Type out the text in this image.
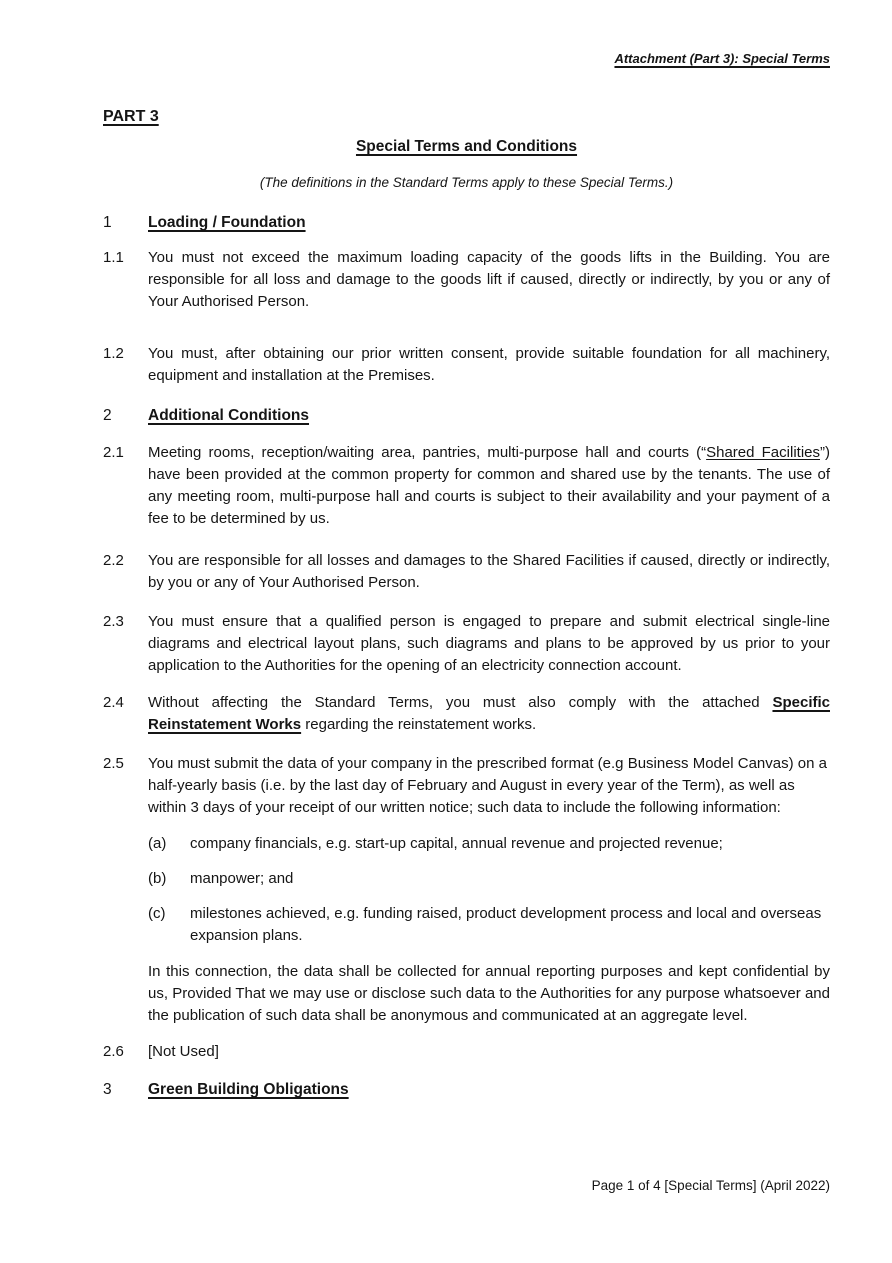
Attachment (Part 3): Special Terms
PART 3
Special Terms and Conditions
(The definitions in the Standard Terms apply to these Special Terms.)
1	Loading / Foundation
1.1	You must not exceed the maximum loading capacity of the goods lifts in the Building. You are responsible for all loss and damage to the goods lift if caused, directly or indirectly, by you or any of Your Authorised Person.
1.2	You must, after obtaining our prior written consent, provide suitable foundation for all machinery, equipment and installation at the Premises.
2	Additional Conditions
2.1	Meeting rooms, reception/waiting area, pantries, multi-purpose hall and courts (“Shared Facilities”) have been provided at the common property for common and shared use by the tenants. The use of any meeting room, multi-purpose hall and courts is subject to their availability and your payment of a fee to be determined by us.
2.2	You are responsible for all losses and damages to the Shared Facilities if caused, directly or indirectly, by you or any of Your Authorised Person.
2.3	You must ensure that a qualified person is engaged to prepare and submit electrical single-line diagrams and electrical layout plans, such diagrams and plans to be approved by us prior to your application to the Authorities for the opening of an electricity connection account.
2.4	Without affecting the Standard Terms, you must also comply with the attached Specific Reinstatement Works regarding the reinstatement works.
2.5	You must submit the data of your company in the prescribed format (e.g Business Model Canvas) on a half-yearly basis (i.e. by the last day of February and August in every year of the Term), as well as within 3 days of your receipt of our written notice; such data to include the following information:
(a)	company financials, e.g. start-up capital, annual revenue and projected revenue;
(b)	manpower; and
(c)	milestones achieved, e.g. funding raised, product development process and local and overseas expansion plans.
In this connection, the data shall be collected for annual reporting purposes and kept confidential by us, Provided That we may use or disclose such data to the Authorities for any purpose whatsoever and the publication of such data shall be anonymous and communicated at an aggregate level.
2.6	[Not Used]
3	Green Building Obligations
Page 1 of 4 [Special Terms] (April 2022)
